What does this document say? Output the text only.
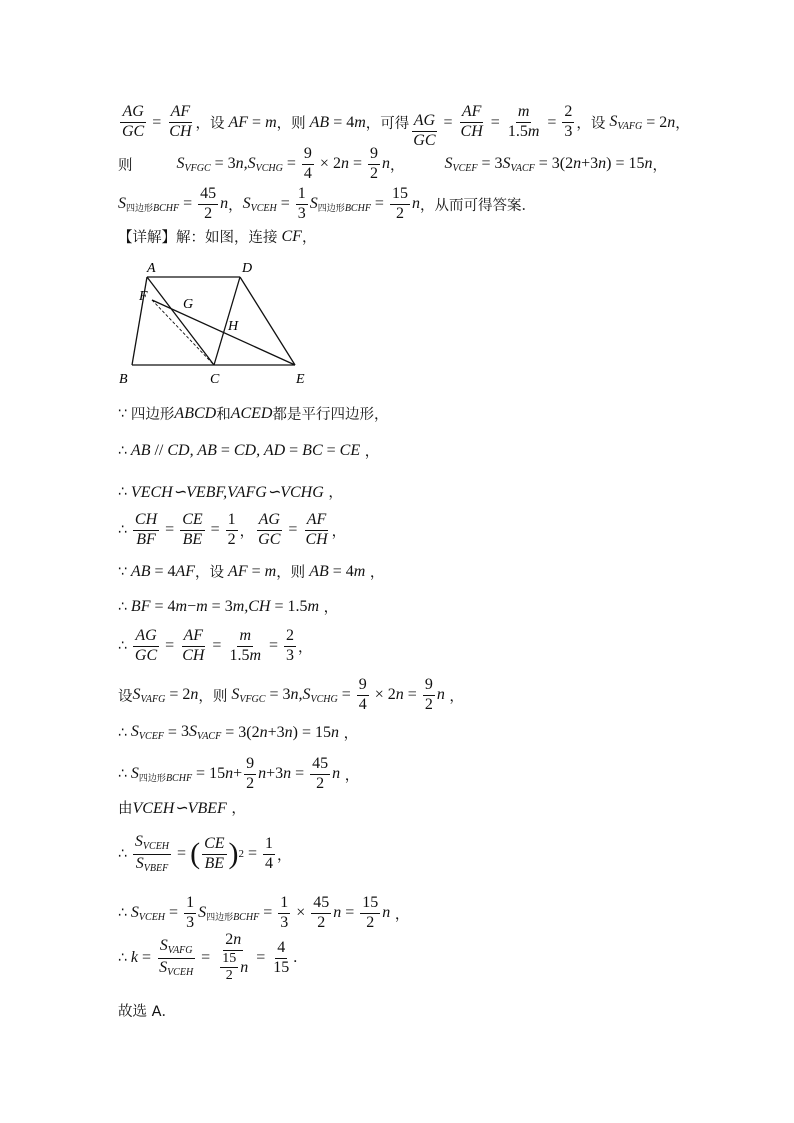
$\frac{AG}{GC} = \frac{AF}{CH}$ ，设 AF = m ，则 AB = 4m ，可得
$\frac{AG}{GC} = \frac{AF}{CH} = \frac{m}{1.5m} = \frac{2}{3}$ ，设 $S_{VAFG} = 2n$ ，
则	$S_{VFGC} = 3n,S_{VCHG} = \frac{9}{4} \times 2n = \frac{9}{2}$ n ，	$S_{VCEF} = 3S_{VACF} = 3(2n+3n) = 15n$ ，
S四边形$_{BCHF} = \frac{45}{2}$ n ， $S_{VCEH} = \frac{1}{3}$ S四边形$_{BCHF} = \frac{15}{2}$ n ，从而可得答案．
【详解】 解：如图，连接 CF ，
A	D
F
G
H
B	C	E
∵ 四边形 ABCD 和 ACED 都是平行四边形，
∴ AB // CD, AB = CD, AD = BC = CE ，
∴ VECH∽VEBF,VAFG∽VCHG ，
∴ $\frac{CH}{BF} = \frac{CE}{BE} = \frac{1}{2}$ ， $\frac{AG}{GC} = \frac{AF}{CH}$ ，
∵ AB = 4AF ，设 AF = m ，则 AB = 4m ，
∴ BF = 4m−m = 3m,CH = 1.5m ，
∴ $\frac{AG}{GC} = \frac{AF}{CH} = \frac{m}{1.5m} = \frac{2}{3}$ ，
设 $S_{VAFG} = 2n$ ，则 $S_{VFGC} = 3n,S_{VCHG} = \frac{9}{4} \times 2n = \frac{9}{2}$ n ，
∴ $S_{VCEF} = 3S_{VACF} = 3(2n+3n) = 15n$ ，
∴ S四边形$_{BCHF} = 15n+ \frac{9}{2} n+3n = \frac{45}{2}$ n ，
由 VCEH∽VBEF ，
∴ $\frac{S_{VCEH}}{S_{VBEF}}$ = ( $\frac{CE}{BE}$ ) $2 = \frac{1}{4}$ ，
∴ $S_{VCEH} = \frac{1}{3}$ S四边形$_{BCHF} = \frac{1}{3} \times \frac{45}{2}$ $n = \frac{15}{2}$ n ，
∴ $k = \frac{S_{VAFG}}{S_{VCEH}} = \frac{2n}{\frac{15}{2} n} = \frac{4}{15}$ .
故选 A．
